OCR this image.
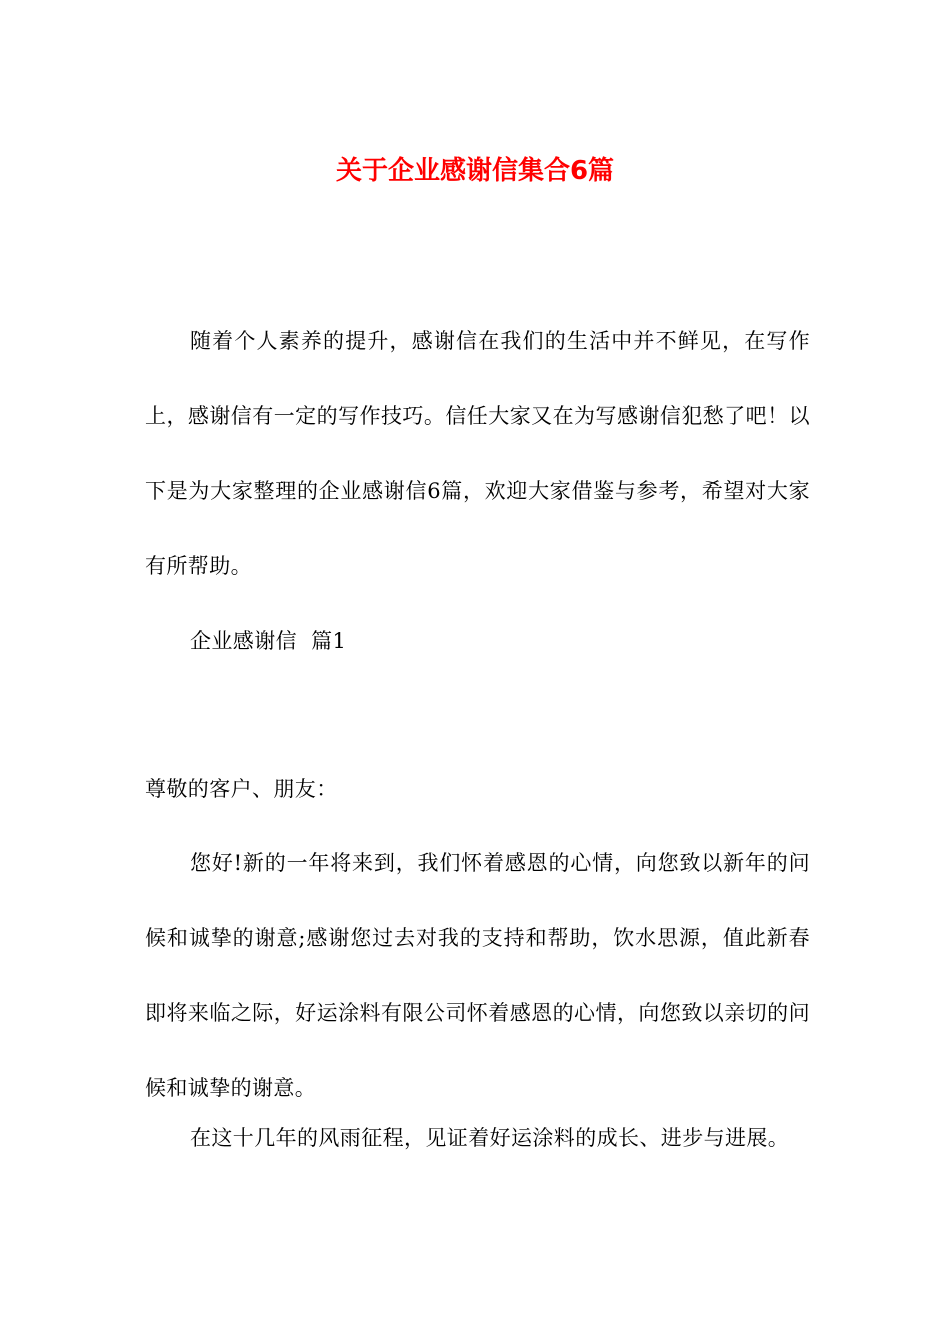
关于企业感谢信集合6篇

随着个人素养的提升，感谢信在我们的生活中并不鲜见，在写作上，感谢信有一定的写作技巧。信任大家又在为写感谢信犯愁了吧！以下是为大家整理的企业感谢信6篇，欢迎大家借鉴与参考，希望对大家有所帮助。

企业感谢信  篇1

尊敬的客户、朋友：

您好!新的一年将来到，我们怀着感恩的心情，向您致以新年的问候和诚挚的谢意;感谢您过去对我的支持和帮助，饮水思源，值此新春即将来临之际，好运涂料有限公司怀着感恩的心情，向您致以亲切的问候和诚挚的谢意。

在这十几年的风雨征程，见证着好运涂料的成长、进步与进展。
